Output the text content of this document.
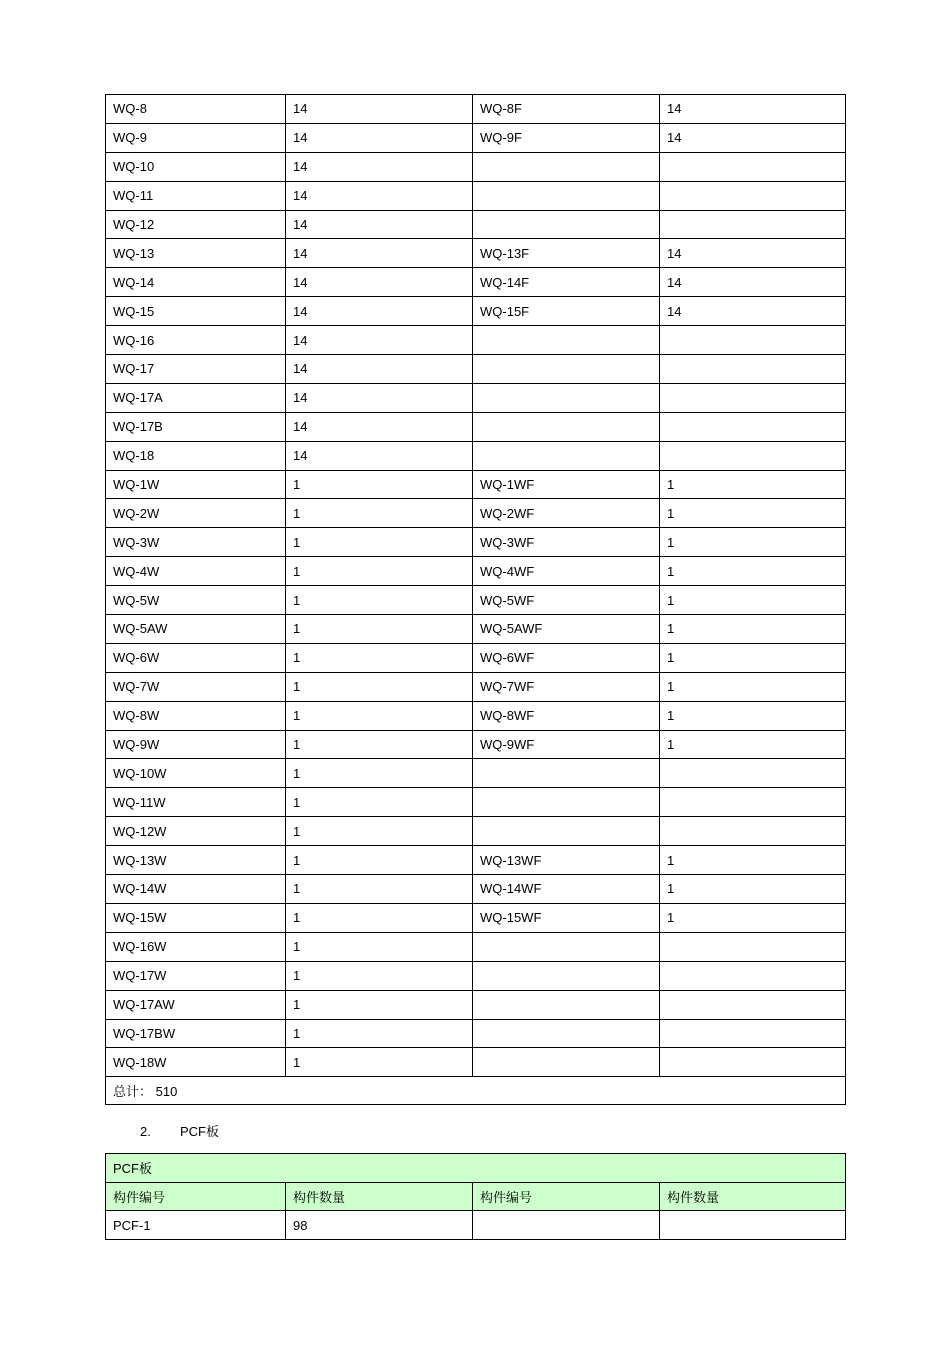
WQ-8	14	WQ-8F	14
WQ-9	14	WQ-9F	14
WQ-10	14		
WQ-11	14		
WQ-12	14		
WQ-13	14	WQ-13F	14
WQ-14	14	WQ-14F	14
WQ-15	14	WQ-15F	14
WQ-16	14		
WQ-17	14		
WQ-17A	14		
WQ-17B	14		
WQ-18	14		
WQ-1W	1	WQ-1WF	1
WQ-2W	1	WQ-2WF	1
WQ-3W	1	WQ-3WF	1
WQ-4W	1	WQ-4WF	1
WQ-5W	1	WQ-5WF	1
WQ-5AW	1	WQ-5AWF	1
WQ-6W	1	WQ-6WF	1
WQ-7W	1	WQ-7WF	1
WQ-8W	1	WQ-8WF	1
WQ-9W	1	WQ-9WF	1
WQ-10W	1		
WQ-11W	1		
WQ-12W	1		
WQ-13W	1	WQ-13WF	1
WQ-14W	1	WQ-14WF	1
WQ-15W	1	WQ-15WF	1
WQ-16W	1		
WQ-17W	1		
WQ-17AW	1		
WQ-17BW	1		
WQ-18W	1		
总计： 510			
2. PCF板
PCF板			
构件编号	构件数量	构件编号	构件数量
PCF-1	98		
